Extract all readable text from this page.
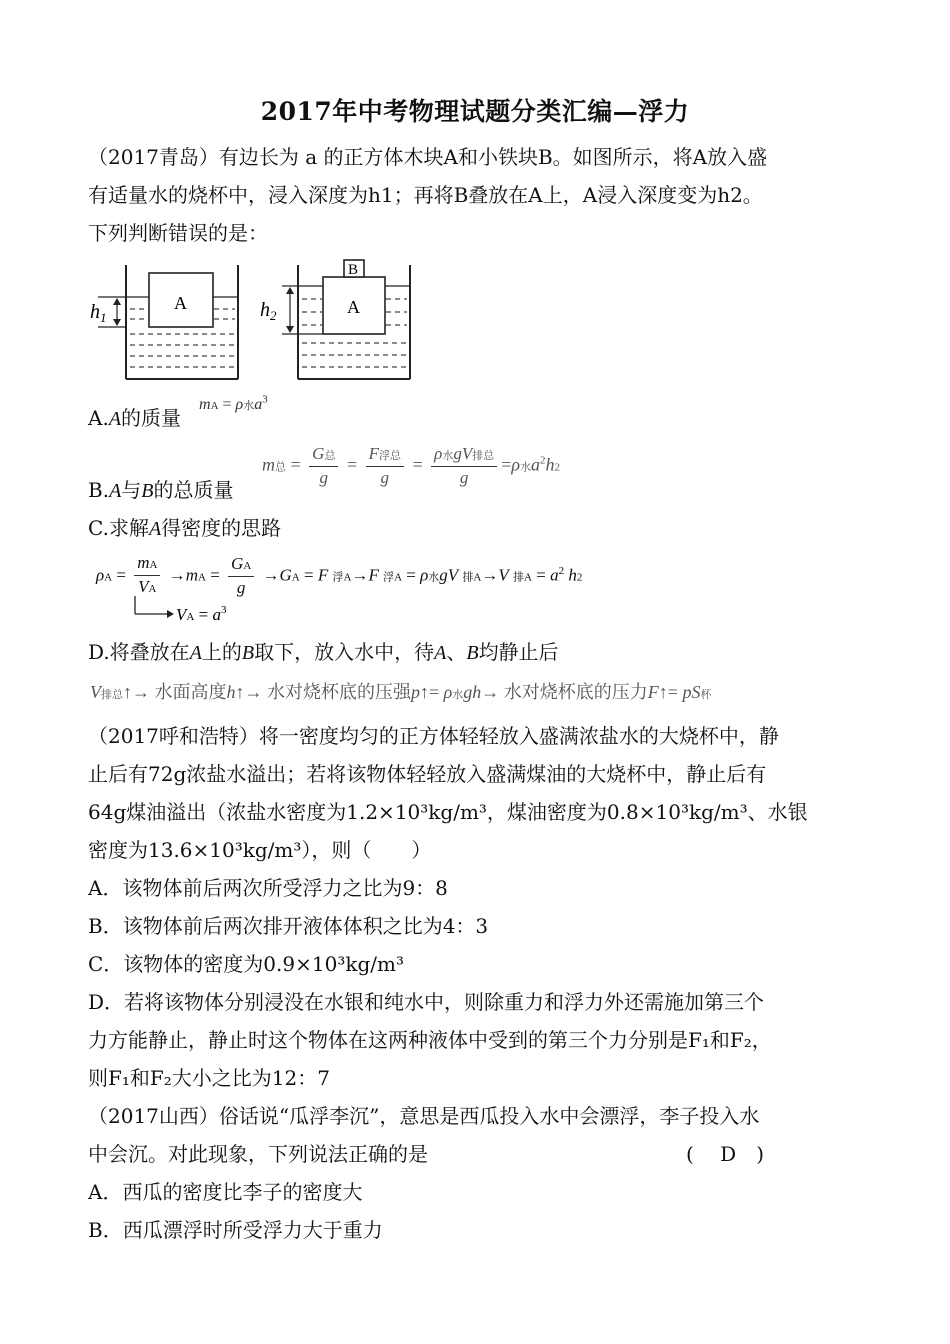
2017年中考物理试题分类汇编—浮力
（2017青岛）有边长为 a 的正方体木块A和小铁块B。如图所示，将A放入盛
有适量水的烧杯中，浸入深度为h1；再将B叠放在A上，A浸入深度变为h2。
下列判断错误的是：
A
$h_1$
A
B
$h_2$
A.A的质量
mA = ρ水$a^3$
B.A与B的总质量
m总 = $\frac{\text{G总}}{g} = \frac{\text{F浮总}}{g} = \frac{\text{ρ水gV排总}}{g} =\rho$水$a^2h2$
C.求解A得密度的思路
$\rho A = \frac{mA}{VA} \to mA = \frac{GA}{g} \to GA = F$ 浮A→F 浮A = ρ水gV 排A→V 排$A = a^2$ h2
VA = $a^3$
D.将叠放在A上的B取下，放入水中，待A、B均静止后
V排总↑→ 水面高度h↑→ 水对烧杯底的压强p↑= ρ水gh→ 水对烧杯底的压力F↑= pS杯
（2017呼和浩特）将一密度均匀的正方体轻轻放入盛满浓盐水的大烧杯中，静
止后有72g浓盐水溢出；若将该物体轻轻放入盛满煤油的大烧杯中，静止后有
64g煤油溢出（浓盐水密度为1.2×10³kg/m³，煤油密度为0.8×10³kg/m³、水银
密度为13.6×10³kg/m³），则（　　）
A．该物体前后两次所受浮力之比为9：8
B．该物体前后两次排开液体体积之比为4：3
C．该物体的密度为0.9×10³kg/m³
D．若将该物体分别浸没在水银和纯水中，则除重力和浮力外还需施加第三个
力方能静止，静止时这个物体在这两种液体中受到的第三个力分别是F₁和F₂，
则F₁和F₂大小之比为12：7
（2017山西）俗话说“瓜浮李沉”，意思是西瓜投入水中会漂浮，李子投入水
中会沉。对此现象，下列说法正确的是	(　 D　)
A．西瓜的密度比李子的密度大
B．西瓜漂浮时所受浮力大于重力
